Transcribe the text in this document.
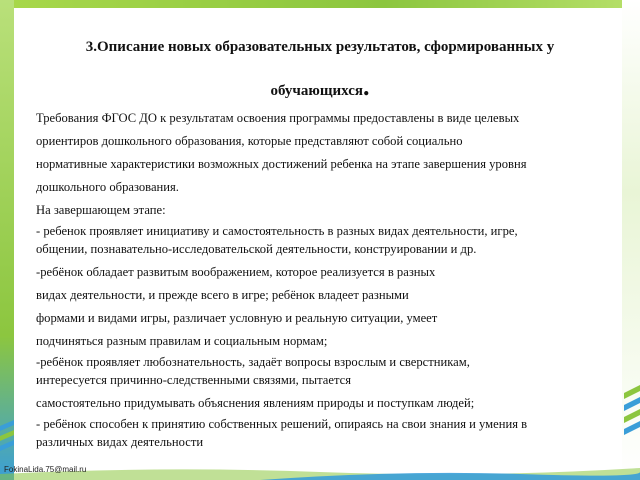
3.Описание новых образовательных результатов, сформированных у
обучающихся.
Требования ФГОС ДО к результатам освоения программы предоставлены в виде целевых
ориентиров дошкольного образования, которые представляют собой социально
нормативные характеристики возможных достижений ребенка на этапе завершения уровня
дошкольного образования.
На завершающем этапе:
- ребенок проявляет инициативу и самостоятельность в разных видах деятельности, игре,
общении, познавательно-исследовательской деятельности, конструировании и др.
-ребёнок обладает развитым воображением, которое реализуется в разных
видах деятельности, и прежде всего в игре; ребёнок владеет разными
формами и видами игры, различает условную и реальную ситуации, умеет
подчиняться разным правилам и социальным нормам;
-ребёнок проявляет любознательность, задаёт вопросы взрослым и сверстникам,
интересуется причинно-следственными связями, пытается
самостоятельно придумывать объяснения явлениям природы и поступкам людей;
- ребёнок способен к принятию собственных решений, опираясь на свои знания и умения в
различных видах деятельности
FokinaLida.75@mail.ru
